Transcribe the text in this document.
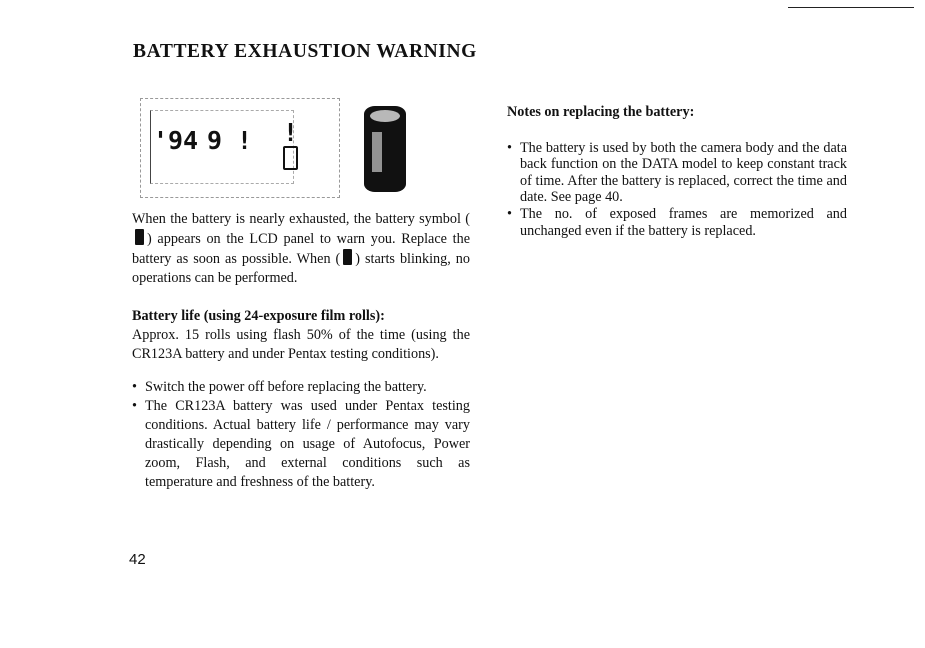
BATTERY EXHAUSTION WARNING
'9 4 9 ! !

When the battery is nearly exhausted, the battery symbol () appears on the LCD panel to warn you. Replace the battery as soon as possible. When ( ) starts blinking, no operations can be performed.

Battery life (using 24-exposure film rolls):

Approx. 15 rolls using flash 50% of the time (using the CR123A battery and under Pentax testing conditions).

• Switch the power off before replacing the battery.
• The CR123A battery was used under Pentax testing conditions. Actual battery life / performance may vary drastically depending on usage of Autofocus, Power zoom, Flash, and external conditions such as temperature and freshness of the battery.

Notes on replacing the battery:

• The battery is used by both the camera body and the data back function on the DATA model to keep constant track of time. After the battery is replaced, correct the time and date. See page 40.
• The no. of exposed frames are memorized and unchanged even if the battery is replaced.
42
